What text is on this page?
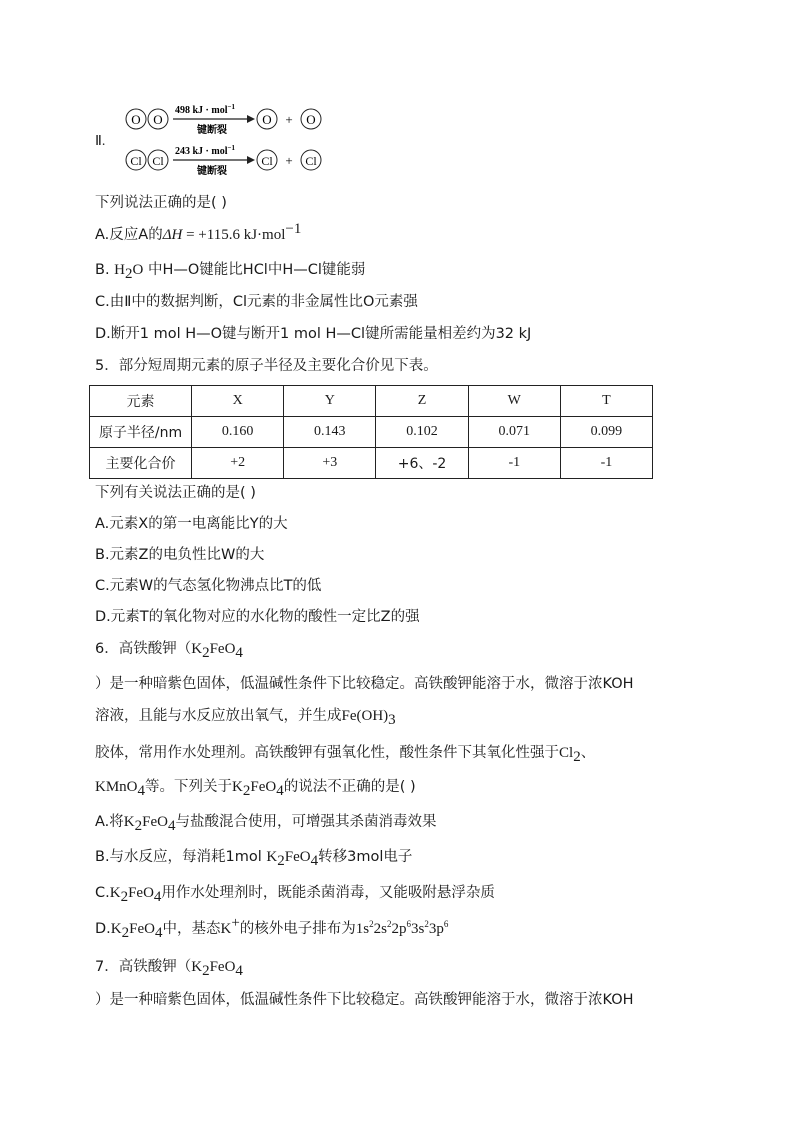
Ⅱ.
O O
498 kJ · mol$^{-1}$
键断裂
O + O
Cl Cl
243 kJ · mol$^{-1}$
键断裂
Cl + Cl
下列说法正确的是( )
A.反应A的ΔH = +115.6 kJ·mol$^{-1}$
B. $H_2O$ 中H—O键能比HCl中H—Cl键能弱
C.由Ⅱ中的数据判断，Cl元素的非金属性比O元素强
D.断开1 mol H—O键与断开1 mol H—Cl键所需能量相差约为32 kJ
5．部分短周期元素的原子半径及主要化合价见下表。
元素	X	Y	Z	W	T
原子半径/nm	0.160	0.143	0.102	0.071	0.099
主要化合价	+2	+3	+6、-2	-1	-1
下列有关说法正确的是( )
A.元素X的第一电离能比Y的大
B.元素Z的电负性比W的大
C.元素W的气态氢化物沸点比T的低
D.元素T的氧化物对应的水化物的酸性一定比Z的强
6．高铁酸钾（$K_2FeO_4$
）是一种暗紫色固体，低温碱性条件下比较稳定。高铁酸钾能溶于水，微溶于浓KOH
溶液，且能与水反应放出氧气，并生成$Fe(OH)_3$
胶体，常用作水处理剂。高铁酸钾有强氧化性，酸性条件下其氧化性强于$Cl_2$、
KMnO$_4$等。下列关于$K_2FeO_4$的说法不正确的是( )
A.将$K_2FeO_4$与盐酸混合使用，可增强其杀菌消毒效果
B.与水反应，每消耗1mol $K_2FeO_4$转移3mol电子
$C.K_2FeO_4$用作水处理剂时，既能杀菌消毒，又能吸附悬浮杂质
$D.K_2FeO_4$中，基态K+的核外电子排布为$1s^22s^22p^63s^23p^6$
7．高铁酸钾（$K_2FeO_4$
）是一种暗紫色固体，低温碱性条件下比较稳定。高铁酸钾能溶于水，微溶于浓KOH
